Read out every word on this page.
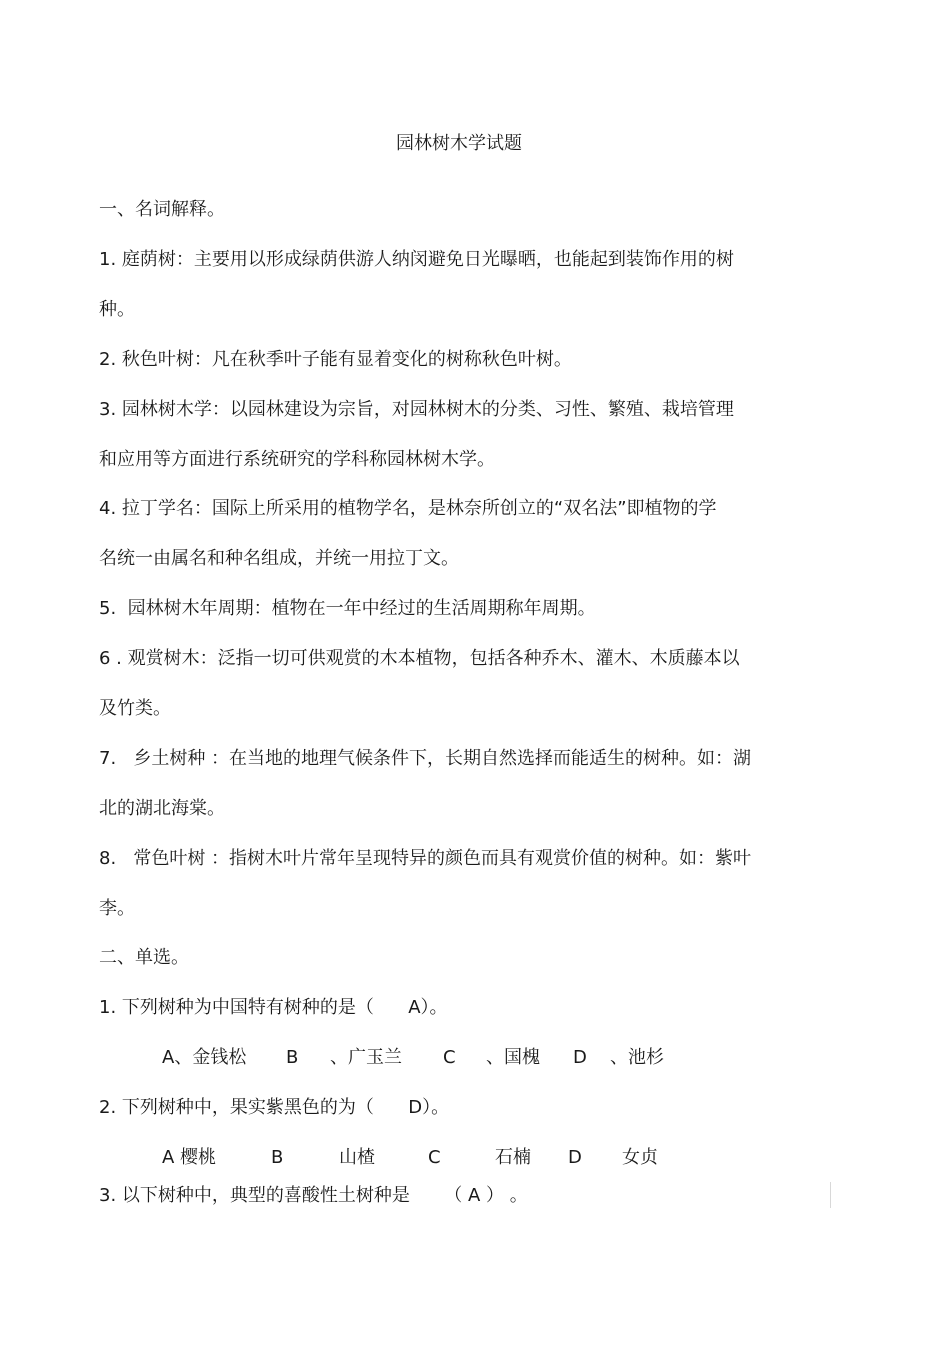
园林树木学试题
一、名词解释。
1. 庭荫树：主要用以形成绿荫供游人纳闵避免日光曝晒，也能起到装饰作用的树
种。
2. 秋色叶树：凡在秋季叶子能有显着变化的树称秋色叶树。
3. 园林树木学：以园林建设为宗旨，对园林树木的分类、习性、繁殖、栽培管理
和应用等方面进行系统研究的学科称园林树木学。
4. 拉丁学名：国际上所采用的植物学名，是林奈所创立的“双名法”即植物的学
名统一由属名和种名组成，并统一用拉丁文。
5.  园林树木年周期：植物在一年中经过的生活周期称年周期。
6 . 观赏树木：泛指一切可供观赏的木本植物，包括各种乔木、灌木、木质藤本以
及竹类。
7.   乡土树种 ：在当地的地理气候条件下，长期自然选择而能适生的树种。如：湖
北的湖北海棠。
8.   常色叶树 ：指树木叶片常年呈现特异的颜色而具有观赏价值的树种。如：紫叶
李。
二、单选。
1. 下列树种为中国特有树种的是（      A）。
A、金钱松 B 、广玉兰 C 、国槐 D 、池杉
2. 下列树种中，果实紫黑色的为（      D）。
A 樱桃	B	山楂	C	石楠 D 女贞
3. 以下树种中，典型的喜酸性土树种是      （ A ） 。
